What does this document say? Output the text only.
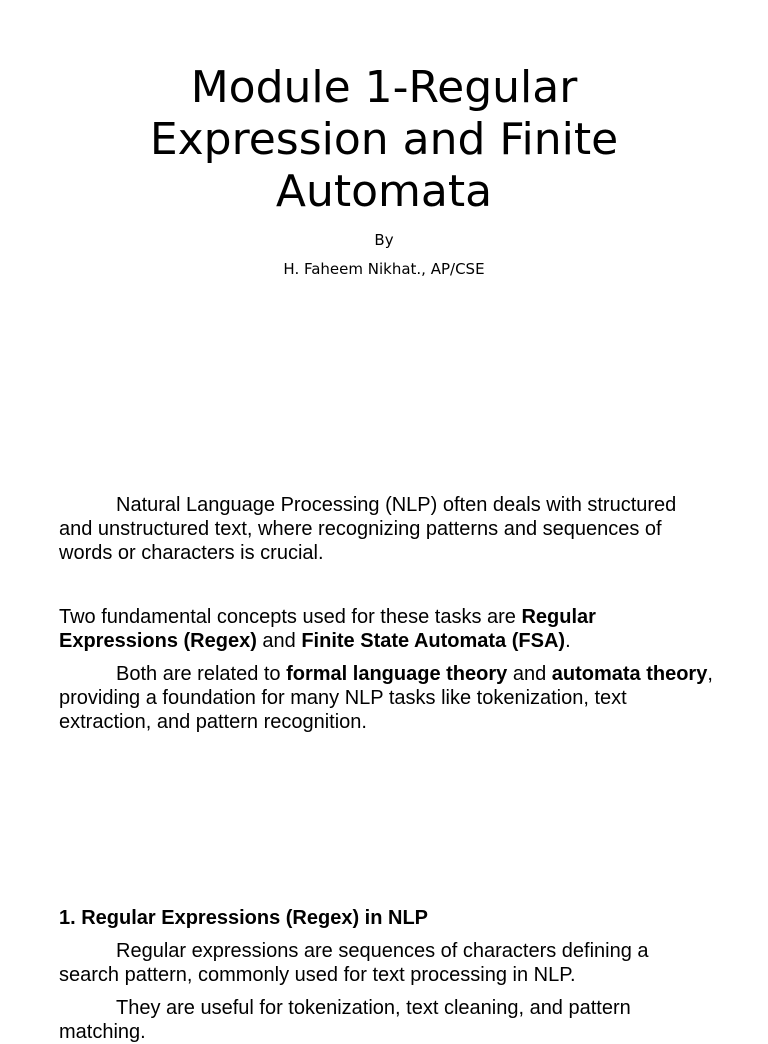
Module 1-Regular
Expression and Finite
Automata
By
H. Faheem Nikhat., AP/CSE

Natural Language Processing (NLP) often deals with structured and unstructured text, where recognizing patterns and sequences of words or characters is crucial.

Two fundamental concepts used for these tasks are Regular Expressions (Regex) and Finite State Automata (FSA).

Both are related to formal language theory and automata theory, providing a foundation for many NLP tasks like tokenization, text extraction, and pattern recognition.

1. Regular Expressions (Regex) in NLP

Regular expressions are sequences of characters defining a search pattern, commonly used for text processing in NLP.

They are useful for tokenization, text cleaning, and pattern matching.
